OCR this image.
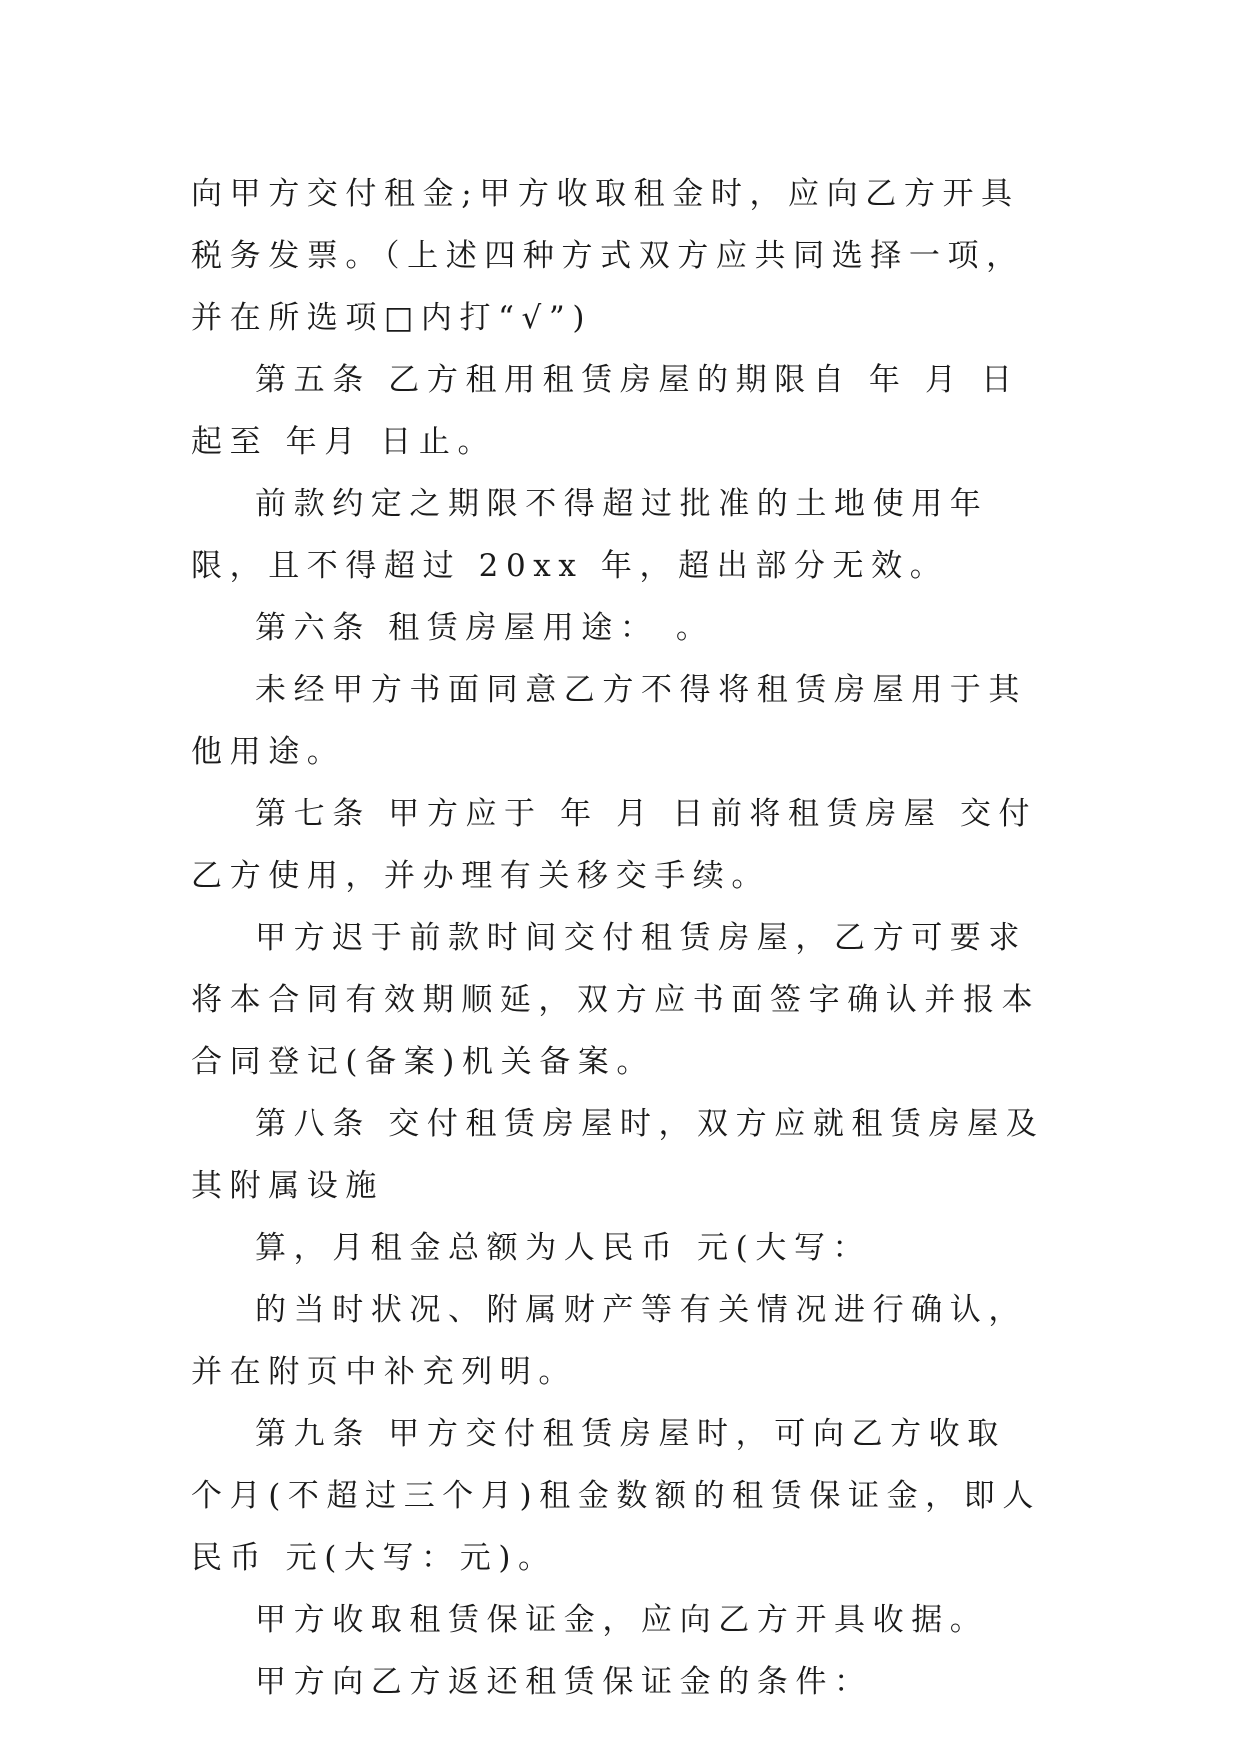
向甲方交付租金;甲方收取租金时，应向乙方开具税务发票。（上述四种方式双方应共同选择一项，并在所选项□内打“√”)

第五条 乙方租用租赁房屋的期限自 年 月 日起至 年月 日止。

前款约定之期限不得超过批准的土地使用年限，且不得超过 20xx 年，超出部分无效。

第六条 租赁房屋用途： 。

未经甲方书面同意乙方不得将租赁房屋用于其他用途。

第七条 甲方应于 年 月 日前将租赁房屋 交付乙方使用，并办理有关移交手续。

甲方迟于前款时间交付租赁房屋，乙方可要求将本合同有效期顺延，双方应书面签字确认并报本合同登记(备案)机关备案。

第八条 交付租赁房屋时，双方应就租赁房屋及其附属设施

算，月租金总额为人民币 元(大写：

的当时状况、附属财产等有关情况进行确认，并在附页中补充列明。

第九条 甲方交付租赁房屋时，可向乙方收取 个月(不超过三个月)租金数额的租赁保证金，即人民币 元(大写：元)。

甲方收取租赁保证金，应向乙方开具收据。

甲方向乙方返还租赁保证金的条件：
